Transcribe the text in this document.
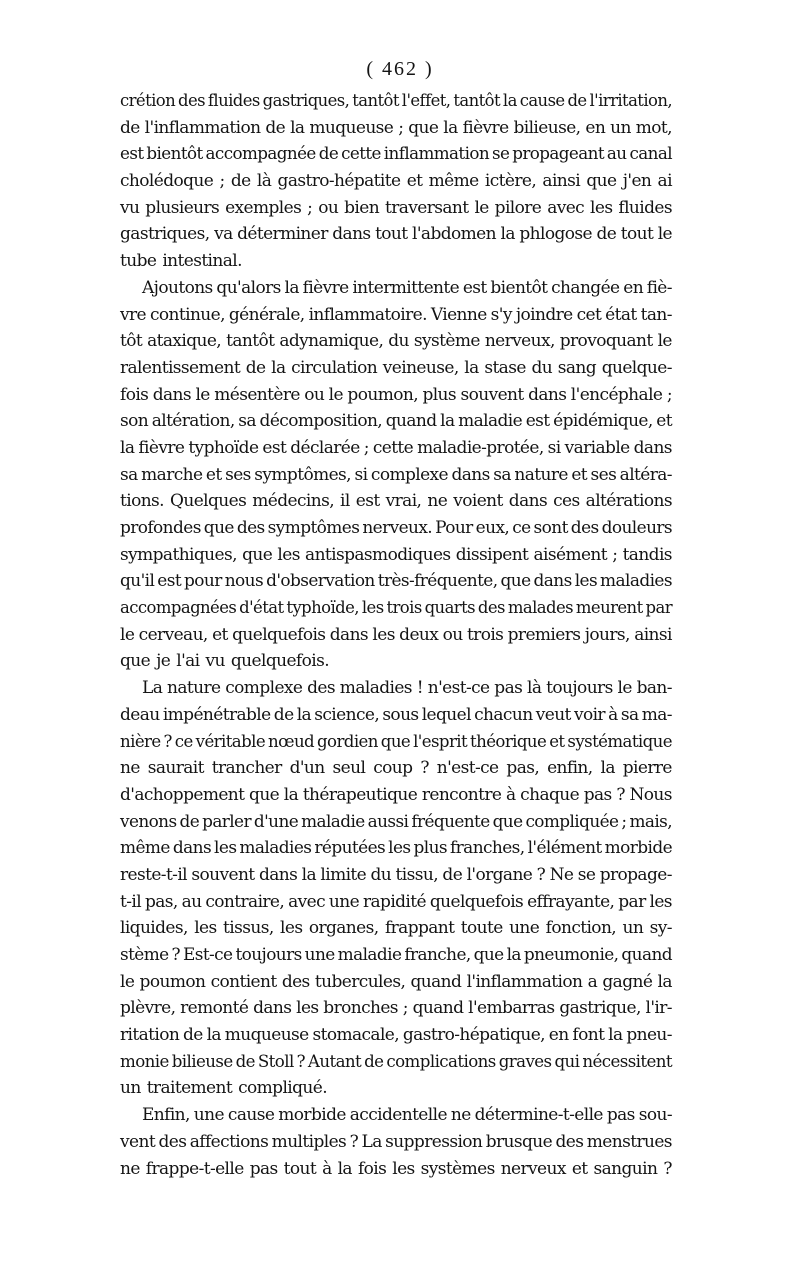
( 462 )
crétion des fluides gastriques, tantôt l'effet, tantôt la cause de l'irritation,
de l'inflammation de la muqueuse ; que la fièvre bilieuse, en un mot,
est bientôt accompagnée de cette inflammation se propageant au canal
cholédoque ; de là gastro-hépatite et même ictère, ainsi que j'en ai
vu plusieurs exemples ; ou bien traversant le pilore avec les fluides
gastriques, va déterminer dans tout l'abdomen la phlogose de tout le
tube intestinal.
Ajoutons qu'alors la fièvre intermittente est bientôt changée en fiè-
vre continue, générale, inflammatoire. Vienne s'y joindre cet état tan-
tôt ataxique, tantôt adynamique, du système nerveux, provoquant le
ralentissement de la circulation veineuse, la stase du sang quelque-
fois dans le mésentère ou le poumon, plus souvent dans l'encéphale ;
son altération, sa décomposition, quand la maladie est épidémique, et
la fièvre typhoïde est déclarée ; cette maladie-protée, si variable dans
sa marche et ses symptômes, si complexe dans sa nature et ses altéra-
tions. Quelques médecins, il est vrai, ne voient dans ces altérations
profondes que des symptômes nerveux. Pour eux, ce sont des douleurs
sympathiques, que les antispasmodiques dissipent aisément ; tandis
qu'il est pour nous d'observation très-fréquente, que dans les maladies
accompagnées d'état typhoïde, les trois quarts des malades meurent par
le cerveau, et quelquefois dans les deux ou trois premiers jours, ainsi
que je l'ai vu quelquefois.
La nature complexe des maladies ! n'est-ce pas là toujours le ban-
deau impénétrable de la science, sous lequel chacun veut voir à sa ma-
nière ? ce véritable nœud gordien que l'esprit théorique et systématique
ne saurait trancher d'un seul coup ? n'est-ce pas, enfin, la pierre
d'achoppement que la thérapeutique rencontre à chaque pas ? Nous
venons de parler d'une maladie aussi fréquente que compliquée ; mais,
même dans les maladies réputées les plus franches, l'élément morbide
reste-t-il souvent dans la limite du tissu, de l'organe ? Ne se propage-
t-il pas, au contraire, avec une rapidité quelquefois effrayante, par les
liquides, les tissus, les organes, frappant toute une fonction, un sy-
stème ? Est-ce toujours une maladie franche, que la pneumonie, quand
le poumon contient des tubercules, quand l'inflammation a gagné la
plèvre, remonté dans les bronches ; quand l'embarras gastrique, l'ir-
ritation de la muqueuse stomacale, gastro-hépatique, en font la pneu-
monie bilieuse de Stoll ? Autant de complications graves qui nécessitent
un traitement compliqué.
Enfin, une cause morbide accidentelle ne détermine-t-elle pas sou-
vent des affections multiples ? La suppression brusque des menstrues
ne frappe-t-elle pas tout à la fois les systèmes nerveux et sanguin ?
